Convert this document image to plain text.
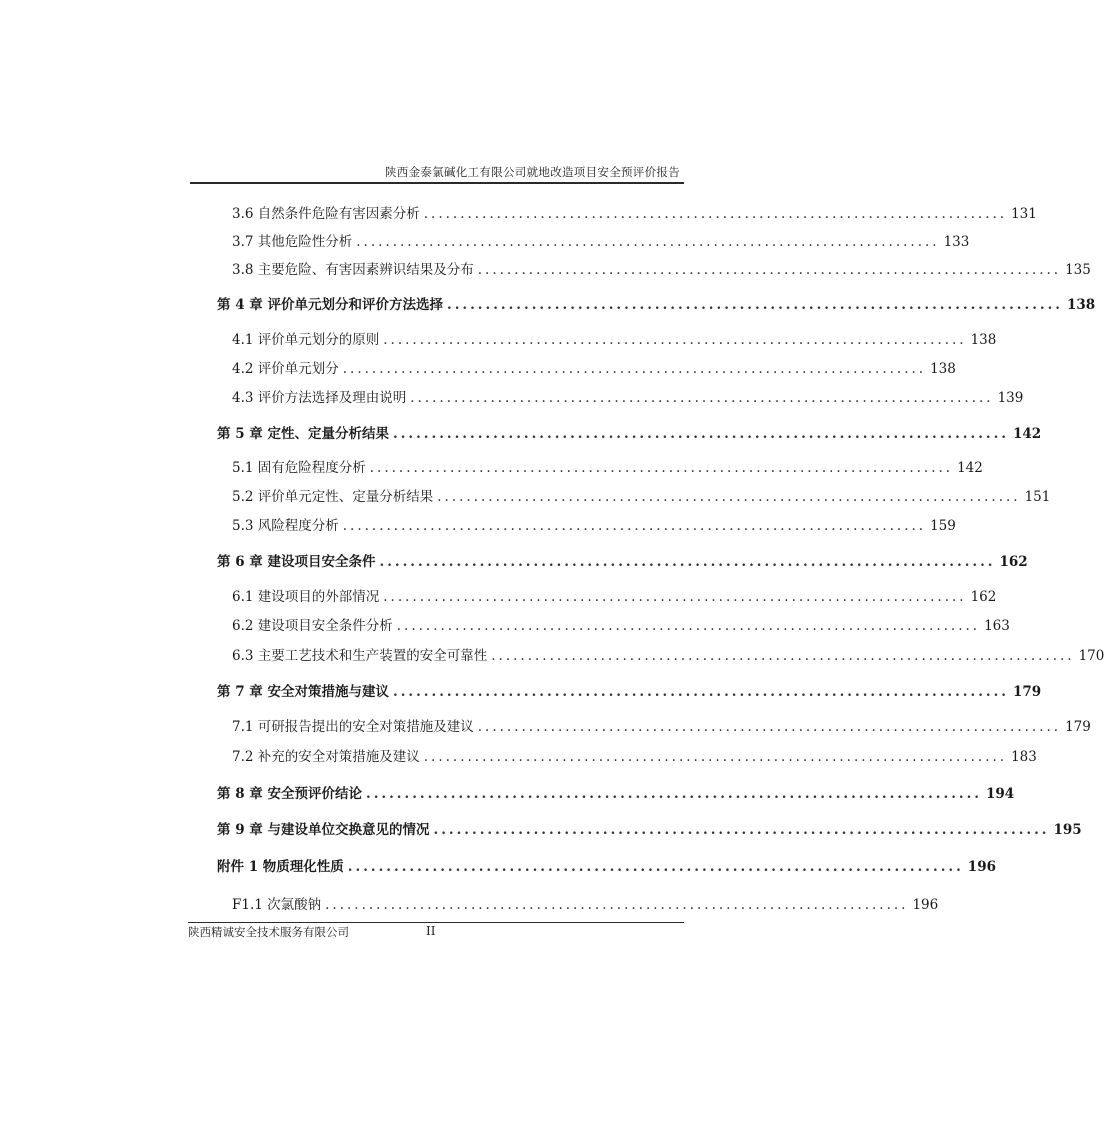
陕西金泰氯碱化工有限公司就地改造项目安全预评价报告
3.6 自然条件危险有害因素分析 ................................................................................ 131
3.7 其他危险性分析 ................................................................................ 133
3.8 主要危险、有害因素辨识结果及分布 ................................................................................ 135
第 4 章 评价单元划分和评价方法选择 ................................................................................ 138
4.1 评价单元划分的原则 ................................................................................ 138
4.2 评价单元划分 ................................................................................ 138
4.3 评价方法选择及理由说明 ................................................................................ 139
第 5 章 定性、定量分析结果 ................................................................................ 142
5.1 固有危险程度分析 ................................................................................ 142
5.2 评价单元定性、定量分析结果 ................................................................................ 151
5.3 风险程度分析 ................................................................................ 159
第 6 章 建设项目安全条件 ................................................................................ 162
6.1 建设项目的外部情况 ................................................................................ 162
6.2 建设项目安全条件分析 ................................................................................ 163
6.3 主要工艺技术和生产装置的安全可靠性 ................................................................................ 170
第 7 章 安全对策措施与建议 ................................................................................ 179
7.1 可研报告提出的安全对策措施及建议 ................................................................................ 179
7.2 补充的安全对策措施及建议 ................................................................................ 183
第 8 章 安全预评价结论 ................................................................................ 194
第 9 章 与建设单位交换意见的情况 ................................................................................ 195
附件 1 物质理化性质 ................................................................................ 196
F1.1 次氯酸钠 ................................................................................ 196
陕西精诚安全技术服务有限公司	II
